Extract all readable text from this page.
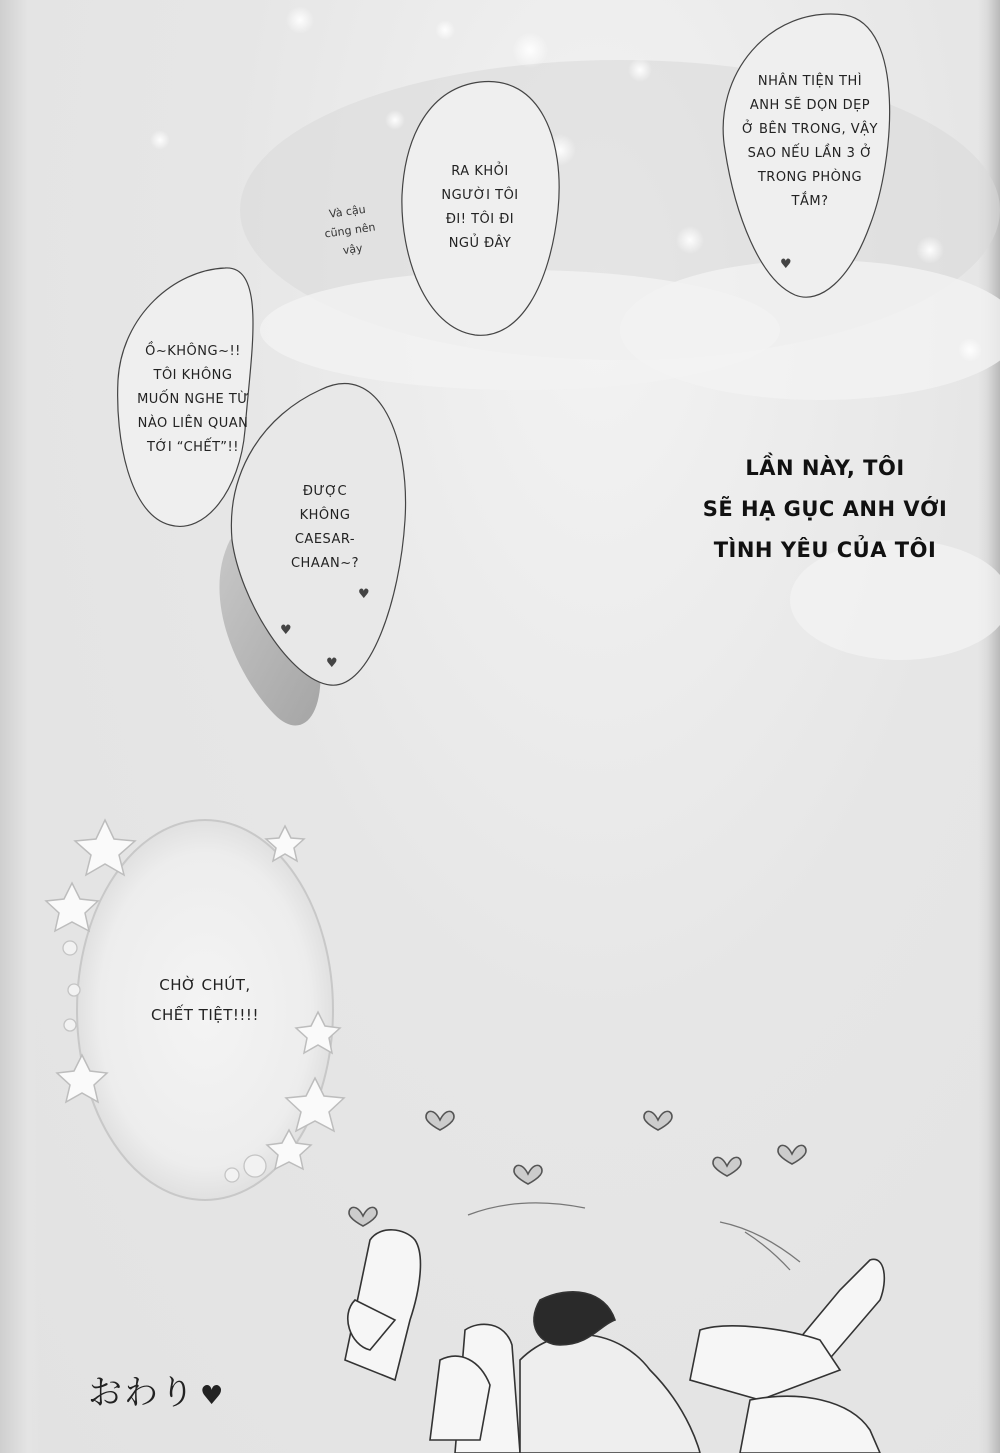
♥
♥
♥
♥
NHÂN TIỆN THÌ
ANH SẼ DỌN DẸP
Ở BÊN TRONG, VẬY
SAO NẾU LẦN 3 Ở
TRONG PHÒNG
TẮM?
RA KHỎI
NGƯỜI TÔI
ĐI! TÔI ĐI
NGỦ ĐÂY
Và cậu
cũng nên
vậy
Ồ~KHÔNG~!!
TÔI KHÔNG
MUỐN NGHE TỪ
NÀO LIÊN QUAN
TỚI “CHẾT”!!
ĐƯỢC
KHÔNG
CAESAR-
CHAAN~?
CHỜ CHÚT,
CHẾT TIỆT!!!!
LẦN NÀY, TÔI
SẼ HẠ GỤC ANH VỚI
TÌNH YÊU CỦA TÔI
おわり ♥
